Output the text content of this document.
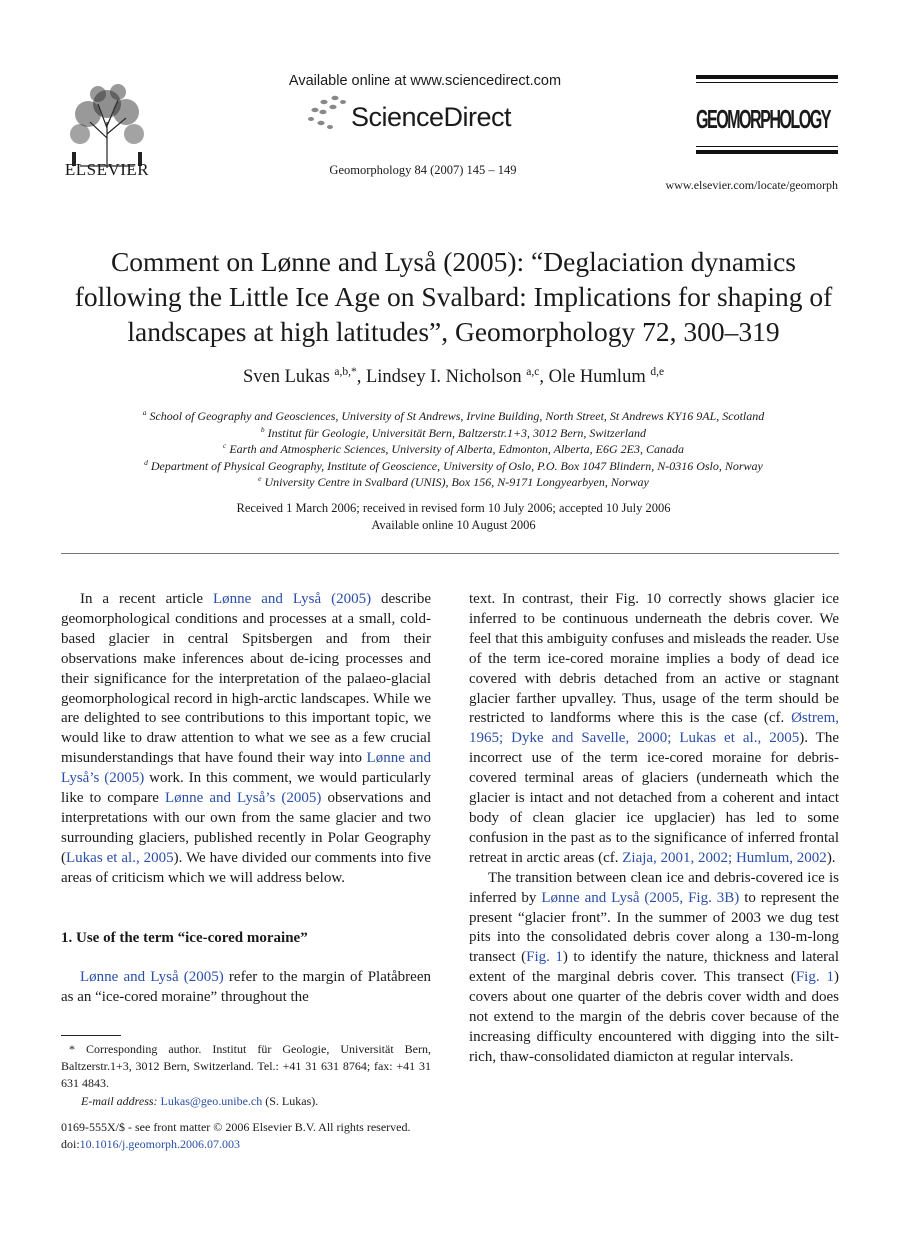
ELSEVIER
Available online at www.sciencedirect.com
ScienceDirect
Geomorphology 84 (2007) 145 – 149
GEOMORPHOLOGY
www.elsevier.com/locate/geomorph
Comment on Lønne and Lyså (2005): “Deglaciation dynamics
following the Little Ice Age on Svalbard: Implications for shaping of
landscapes at high latitudes”, Geomorphology 72, 300–319
Sven Lukas $^{a,b,*}$, Lindsey I. Nicholson $^{a,c}$, Ole Humlum $^{d,e}$
$^a$ School of Geography and Geosciences, University of St Andrews, Irvine Building, North Street, St Andrews KY16 9AL, Scotland
$^b$ Institut für Geologie, Universität Bern, Baltzerstr.1+3, 3012 Bern, Switzerland
$^c$ Earth and Atmospheric Sciences, University of Alberta, Edmonton, Alberta, E6G 2E3, Canada
$^d$ Department of Physical Geography, Institute of Geoscience, University of Oslo, P.O. Box 1047 Blindern, N-0316 Oslo, Norway
$^e$ University Centre in Svalbard (UNIS), Box 156, N-9171 Longyearbyen, Norway
Received 1 March 2006; received in revised form 10 July 2006; accepted 10 July 2006
Available online 10 August 2006

In a recent article Lønne and Lyså (2005) describe geomorphological conditions and processes at a small, cold-based glacier in central Spitsbergen and from their observations make inferences about de-icing processes and their significance for the interpretation of the palaeo-glacial geomorphological record in high-arctic landscapes. While we are delighted to see contributions to this important topic, we would like to draw attention to what we see as a few crucial misunderstandings that have found their way into Lønne and Lyså’s (2005) work. In this comment, we would particularly like to compare Lønne and Lyså’s (2005) observations and interpretations with our own from the same glacier and two surrounding glaciers, published recently in Polar Geography (Lukas et al., 2005). We have divided our comments into five areas of criticism which we will address below.

1. Use of the term “ice-cored moraine”

Lønne and Lyså (2005) refer to the margin of Platåbreen as an “ice-cored moraine” throughout the

text. In contrast, their Fig. 10 correctly shows glacier ice inferred to be continuous underneath the debris cover. We feel that this ambiguity confuses and misleads the reader. Use of the term ice-cored moraine implies a body of dead ice covered with debris detached from an active or stagnant glacier farther upvalley. Thus, usage of the term should be restricted to landforms where this is the case (cf. Østrem, 1965; Dyke and Savelle, 2000; Lukas et al., 2005). The incorrect use of the term ice-cored moraine for debris-covered terminal areas of glaciers (underneath which the glacier is intact and not detached from a coherent and intact body of clean glacier ice upglacier) has led to some confusion in the past as to the significance of inferred frontal retreat in arctic areas (cf. Ziaja, 2001, 2002; Humlum, 2002).

The transition between clean ice and debris-covered ice is inferred by Lønne and Lyså (2005, Fig. 3B) to represent the present “glacier front”. In the summer of 2003 we dug test pits into the consolidated debris cover along a 130-m-long transect (Fig. 1) to identify the nature, thickness and lateral extent of the marginal debris cover. This transect (Fig. 1) covers about one quarter of the debris cover width and does not extend to the margin of the debris cover because of the increasing difficulty encountered with digging into the silt-rich, thaw-consolidated diamicton at regular intervals.

* Corresponding author. Institut für Geologie, Universität Bern, Baltzerstr.1+3, 3012 Bern, Switzerland. Tel.: +41 31 631 8764; fax: +41 31 631 4843.

E-mail address: Lukas@geo.unibe.ch (S. Lukas).

0169-555X/$ - see front matter © 2006 Elsevier B.V. All rights reserved.
doi:10.1016/j.geomorph.2006.07.003
